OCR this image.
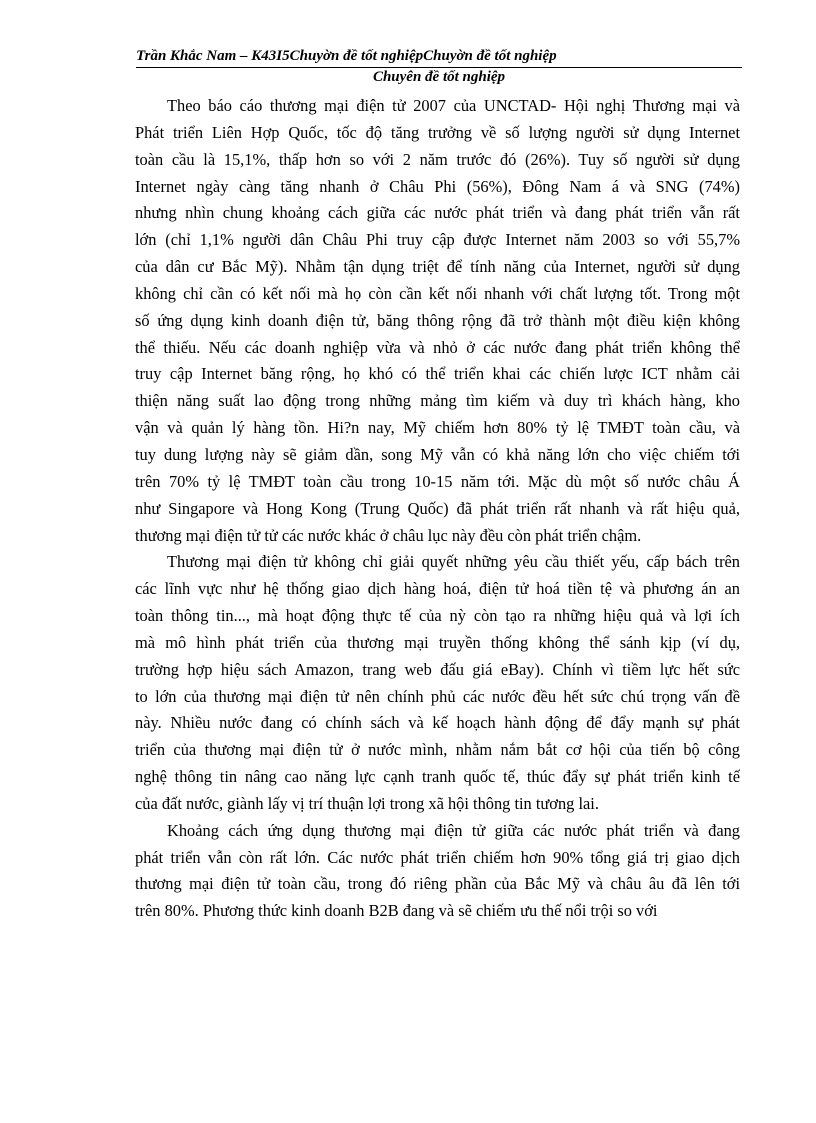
Trần Khắc Nam – K43I5Chuyờn đề tốt nghiệpChuyờn đề tốt nghiệp
Chuyên đề tốt nghiệp

Theo báo cáo thương mại điện tử 2007 của UNCTAD- Hội nghị Thương mại và
Phát triển Liên Hợp Quốc, tốc độ tăng trưởng về số lượng người sử dụng Internet
toàn cầu là 15,1%, thấp hơn so với 2 năm trước đó (26%). Tuy số người sử dụng
Internet ngày càng tăng nhanh ở Châu Phi (56%), Đông Nam á và SNG (74%)
nhưng nhìn chung khoảng cách giữa các nước phát triển và đang phát triển vẫn rất
lớn (chỉ 1,1% người dân Châu Phi truy cập được Internet năm 2003 so với 55,7%
của dân cư Bắc Mỹ). Nhằm tận dụng triệt để tính năng của Internet, người sử dụng
không chỉ cần có kết nối mà họ còn cần kết nối nhanh với chất lượng tốt. Trong một
số ứng dụng kinh doanh điện tử, băng thông rộng đã trở thành một điều kiện không
thể thiếu. Nếu các doanh nghiệp vừa và nhỏ ở các nước đang phát triển không thể
truy cập Internet băng rộng, họ khó có thể triển khai các chiến lược ICT nhằm cải
thiện năng suất lao động trong những mảng tìm kiếm và duy trì khách hàng, kho
vận và quản lý hàng tồn. Hi?n nay, Mỹ chiếm hơn 80% tỷ lệ TMĐT toàn cầu, và
tuy dung lượng này sẽ giảm dần, song Mỹ vẫn có khả năng lớn cho việc chiếm tới
trên 70% tỷ lệ TMĐT toàn cầu trong 10-15 năm tới. Mặc dù một số nước châu Á
như Singapore và Hong Kong (Trung Quốc) đã phát triển rất nhanh và rất hiệu quả,
thương mại điện tử tử các nước khác ở châu lục này đều còn phát triển chậm.

Thương mại điện tử không chỉ giải quyết những yêu cầu thiết yếu, cấp bách trên
các lĩnh vực như hệ thống giao dịch hàng hoá, điện tử hoá tiền tệ và phương án an
toàn thông tin..., mà hoạt động thực tế của nỳ còn tạo ra những hiệu quả và lợi ích
mà mô hình phát triển của thương mại truyền thống không thể sánh kịp (ví dụ,
trường hợp hiệu sách Amazon, trang web đấu giá eBay). Chính vì tiềm lực hết sức
to lớn của thương mại điện tử nên chính phủ các nước đều hết sức chú trọng vấn đề
này. Nhiều nước đang có chính sách và kế hoạch hành động để đẩy mạnh sự phát
triển của thương mại điện tử ở nước mình, nhằm nắm bắt cơ hội của tiến bộ công
nghệ thông tin nâng cao năng lực cạnh tranh quốc tế, thúc đẩy sự phát triển kinh tế
của đất nước, giành lấy vị trí thuận lợi trong xã hội thông tin tương lai.

Khoảng cách ứng dụng thương mại điện tử giữa các nước phát triển và đang
phát triển vẫn còn rất lớn. Các nước phát triển chiếm hơn 90% tổng giá trị giao dịch
thương mại điện tử toàn cầu, trong đó riêng phần của Bắc Mỹ và châu âu đã lên tới
trên 80%. Phương thức kinh doanh B2B đang và sẽ chiếm ưu thế nổi trội so với
